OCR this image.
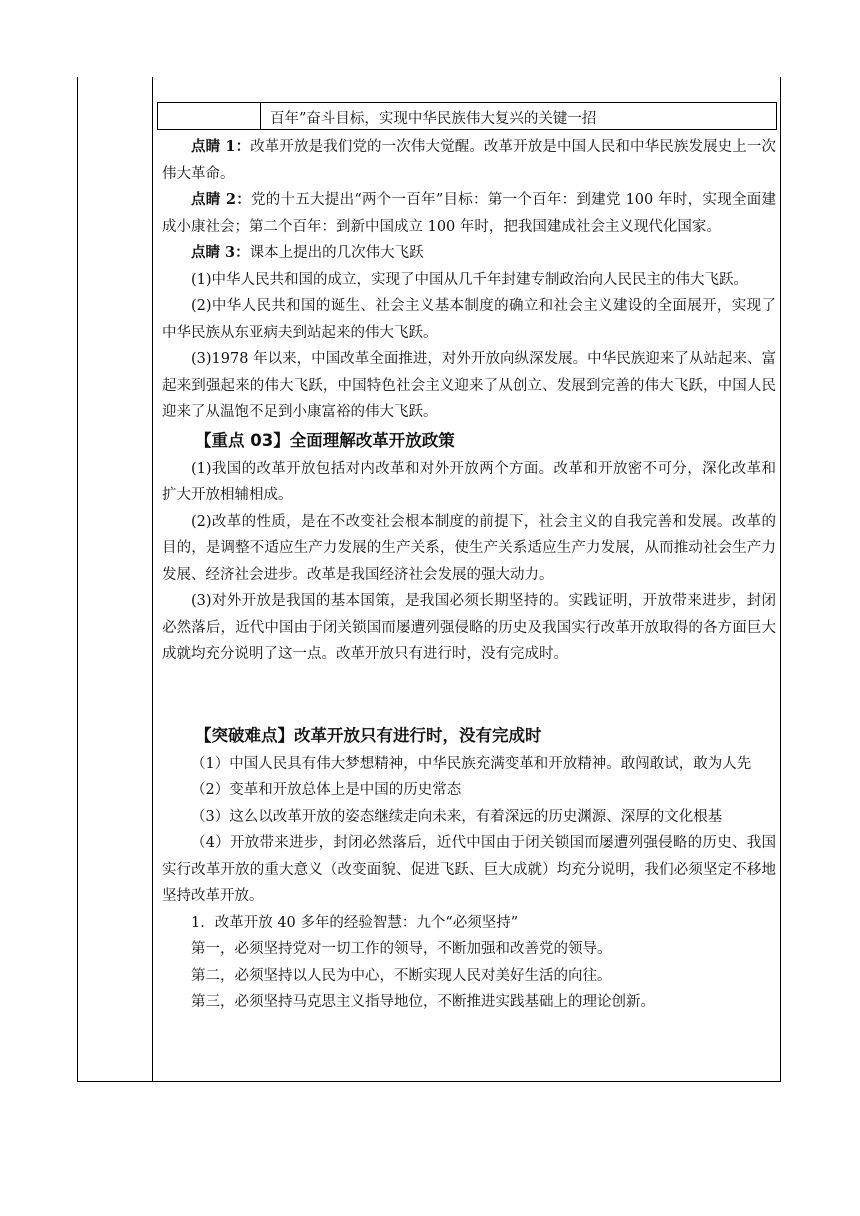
百年”奋斗目标，实现中华民族伟大复兴的关键一招

点睛 1：改革开放是我们党的一次伟大觉醒。改革开放是中国人民和中华民族发展史上一次伟大革命。

点睛 2：党的十五大提出“两个一百年”目标：第一个百年：到建党 100 年时，实现全面建成小康社会；第二个百年：到新中国成立 100 年时，把我国建成社会主义现代化国家。

点睛 3：课本上提出的几次伟大飞跃

(1)中华人民共和国的成立，实现了中国从几千年封建专制政治向人民民主的伟大飞跃。

(2)中华人民共和国的诞生、社会主义基本制度的确立和社会主义建设的全面展开，实现了中华民族从东亚病夫到站起来的伟大飞跃。

(3)1978 年以来，中国改革全面推进，对外开放向纵深发展。中华民族迎来了从站起来、富起来到强起来的伟大飞跃，中国特色社会主义迎来了从创立、发展到完善的伟大飞跃，中国人民迎来了从温饱不足到小康富裕的伟大飞跃。

【重点 03】全面理解改革开放政策

(1)我国的改革开放包括对内改革和对外开放两个方面。改革和开放密不可分，深化改革和扩大开放相辅相成。

(2)改革的性质，是在不改变社会根本制度的前提下，社会主义的自我完善和发展。改革的目的，是调整不适应生产力发展的生产关系，使生产关系适应生产力发展，从而推动社会生产力发展、经济社会进步。改革是我国经济社会发展的强大动力。

(3)对外开放是我国的基本国策，是我国必须长期坚持的。实践证明，开放带来进步，封闭必然落后，近代中国由于闭关锁国而屡遭列强侵略的历史及我国实行改革开放取得的各方面巨大成就均充分说明了这一点。改革开放只有进行时，没有完成时。

【突破难点】改革开放只有进行时，没有完成时

（1）中国人民具有伟大梦想精神，中华民族充满变革和开放精神。敢闯敢试，敢为人先

（2）变革和开放总体上是中国的历史常态

（3）这么以改革开放的姿态继续走向未来，有着深远的历史渊源、深厚的文化根基

（4）开放带来进步，封闭必然落后，近代中国由于闭关锁国而屡遭列强侵略的历史、我国实行改革开放的重大意义（改变面貌、促进飞跃、巨大成就）均充分说明，我们必须坚定不移地坚持改革开放。

1．改革开放 40 多年的经验智慧：九个“必须坚持”

第一，必须坚持党对一切工作的领导，不断加强和改善党的领导。

第二，必须坚持以人民为中心，不断实现人民对美好生活的向往。

第三，必须坚持马克思主义指导地位，不断推进实践基础上的理论创新。
